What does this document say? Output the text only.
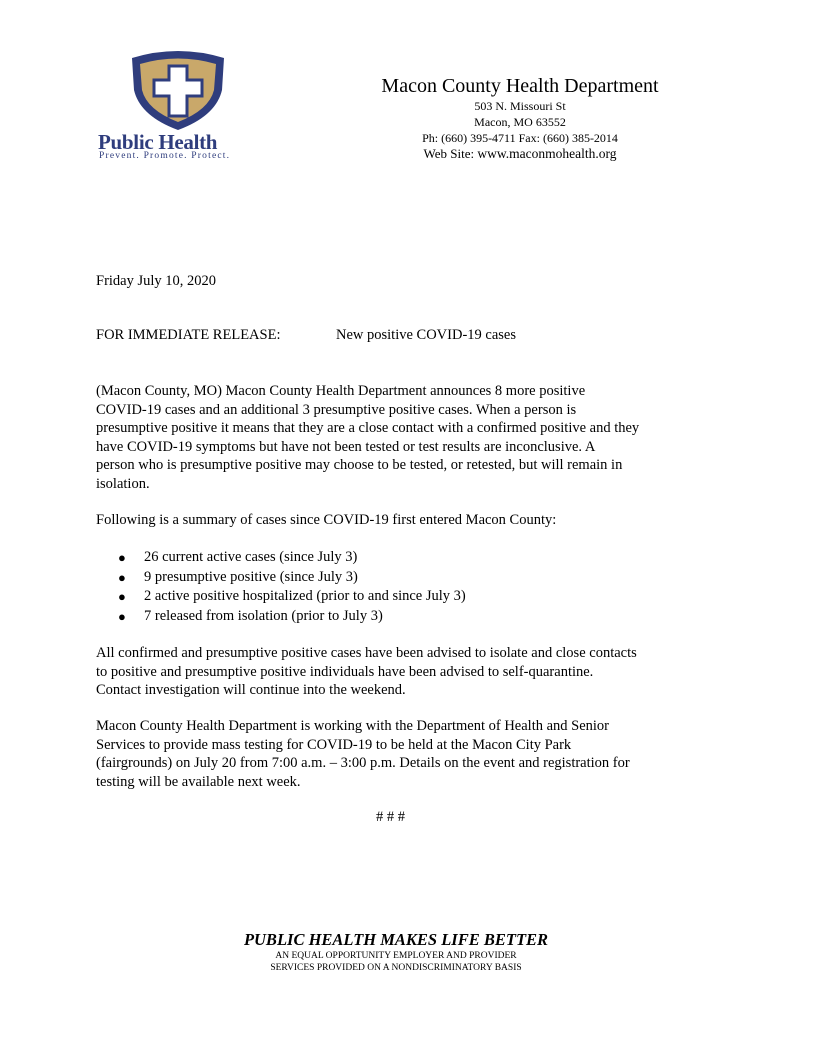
Public Health
Prevent. Promote. Protect.
Macon County Health Department
503 N. Missouri St
Macon, MO 63552
Ph: (660) 395-4711 Fax: (660) 385-2014
Web Site: www.maconmohealth.org
Friday July 10, 2020
FOR IMMEDIATE RELEASE:	New positive COVID-19 cases
(Macon County, MO) Macon County Health Department announces 8 more positive
COVID-19 cases and an additional 3 presumptive positive cases. When a person is
presumptive positive it means that they are a close contact with a confirmed positive and they
have COVID-19 symptoms but have not been tested or test results are inconclusive. A
person who is presumptive positive may choose to be tested, or retested, but will remain in
isolation.
Following is a summary of cases since COVID-19 first entered Macon County:
● 26 current active cases (since July 3)
● 9 presumptive positive (since July 3)
● 2 active positive hospitalized (prior to and since July 3)
● 7 released from isolation (prior to July 3)
All confirmed and presumptive positive cases have been advised to isolate and close contacts
to positive and presumptive positive individuals have been advised to self-quarantine.
Contact investigation will continue into the weekend.
Macon County Health Department is working with the Department of Health and Senior
Services to provide mass testing for COVID-19 to be held at the Macon City Park
(fairgrounds) on July 20 from 7:00 a.m. – 3:00 p.m. Details on the event and registration for
testing will be available next week.
# # #
PUBLIC HEALTH MAKES LIFE BETTER
AN EQUAL OPPORTUNITY EMPLOYER AND PROVIDER
SERVICES PROVIDED ON A NONDISCRIMINATORY BASIS
